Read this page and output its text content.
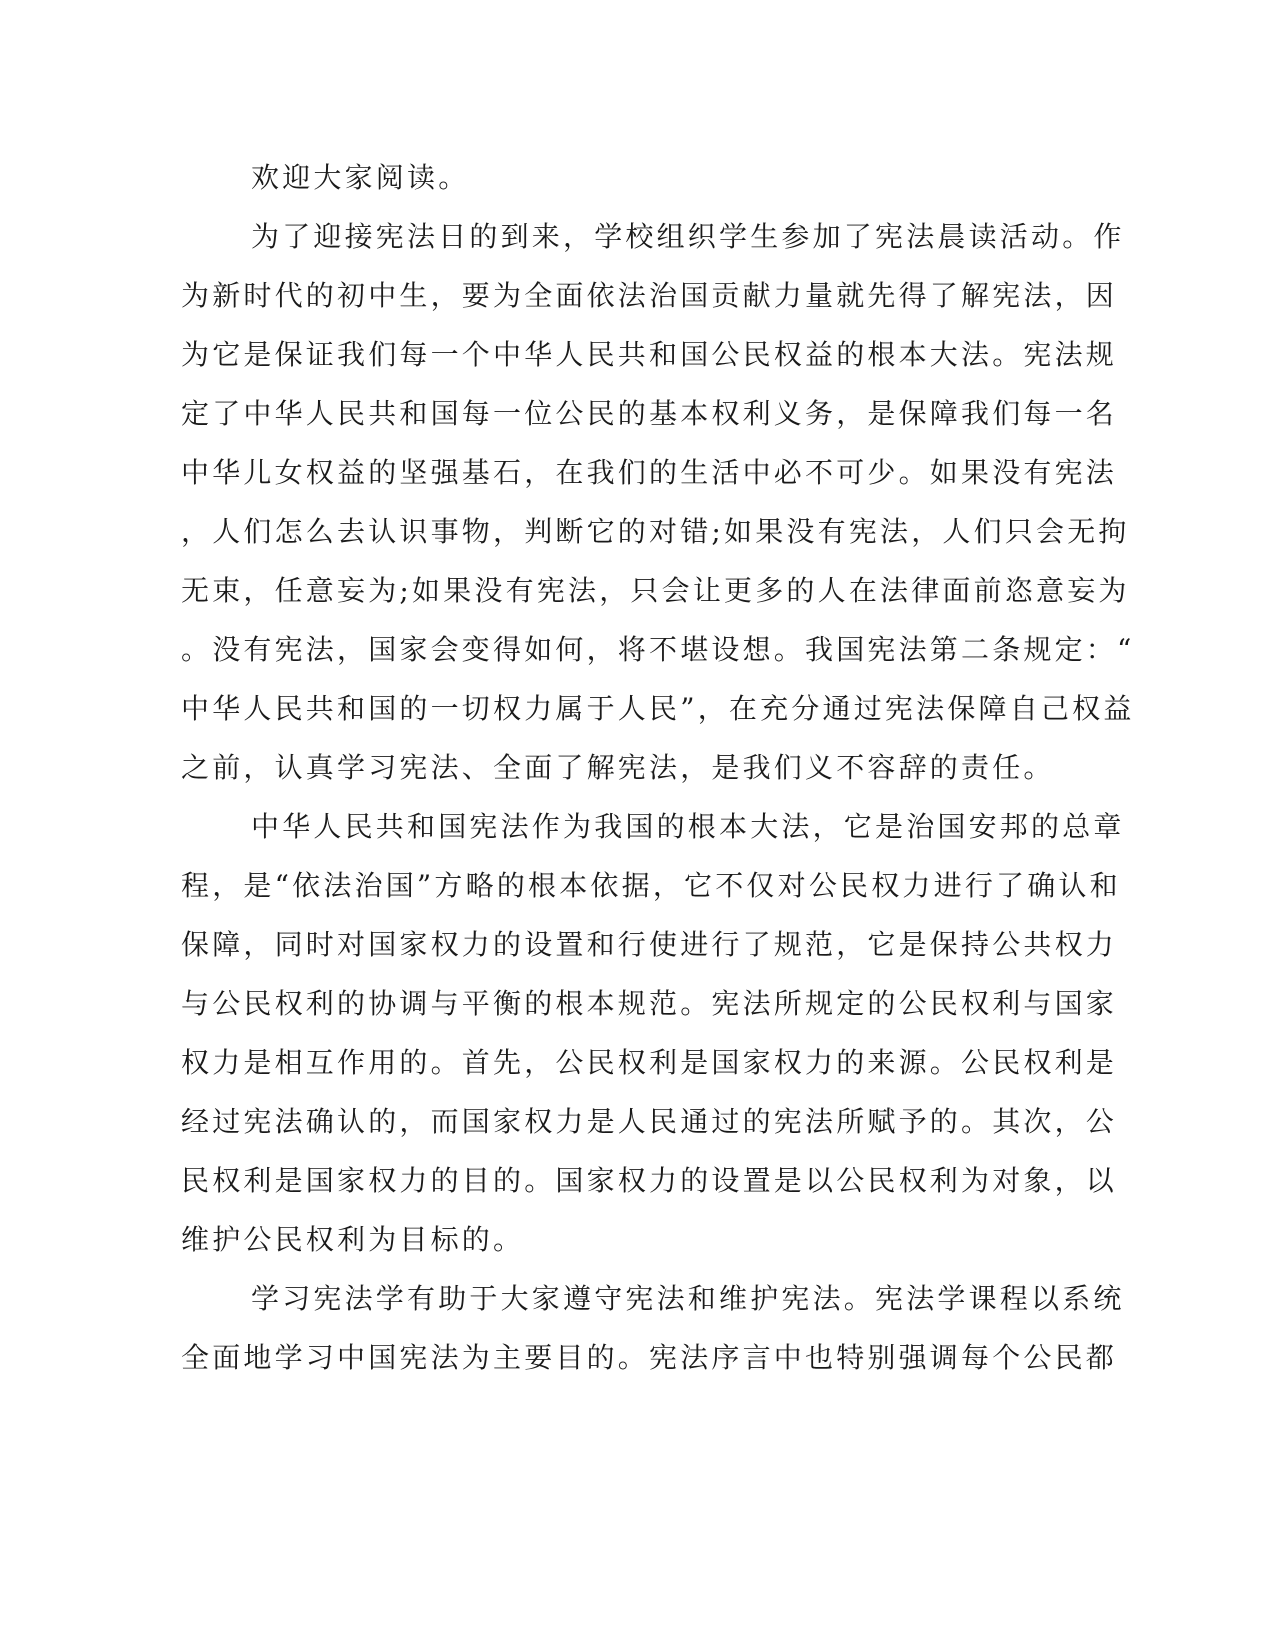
欢迎大家阅读。
为了迎接宪法日的到来，学校组织学生参加了宪法晨读活动。作
为新时代的初中生，要为全面依法治国贡献力量就先得了解宪法，因
为它是保证我们每一个中华人民共和国公民权益的根本大法。宪法规
定了中华人民共和国每一位公民的基本权利义务，是保障我们每一名
中华儿女权益的坚强基石，在我们的生活中必不可少。如果没有宪法
，人们怎么去认识事物，判断它的对错;如果没有宪法，人们只会无拘
无束，任意妄为;如果没有宪法，只会让更多的人在法律面前恣意妄为
。没有宪法，国家会变得如何，将不堪设想。我国宪法第二条规定：“
中华人民共和国的一切权力属于人民”，在充分通过宪法保障自己权益
之前，认真学习宪法、全面了解宪法，是我们义不容辞的责任。
中华人民共和国宪法作为我国的根本大法，它是治国安邦的总章
程，是“依法治国”方略的根本依据，它不仅对公民权力进行了确认和
保障，同时对国家权力的设置和行使进行了规范，它是保持公共权力
与公民权利的协调与平衡的根本规范。宪法所规定的公民权利与国家
权力是相互作用的。首先，公民权利是国家权力的来源。公民权利是
经过宪法确认的，而国家权力是人民通过的宪法所赋予的。其次，公
民权利是国家权力的目的。国家权力的设置是以公民权利为对象，以
维护公民权利为目标的。
学习宪法学有助于大家遵守宪法和维护宪法。宪法学课程以系统
全面地学习中国宪法为主要目的。宪法序言中也特别强调每个公民都
